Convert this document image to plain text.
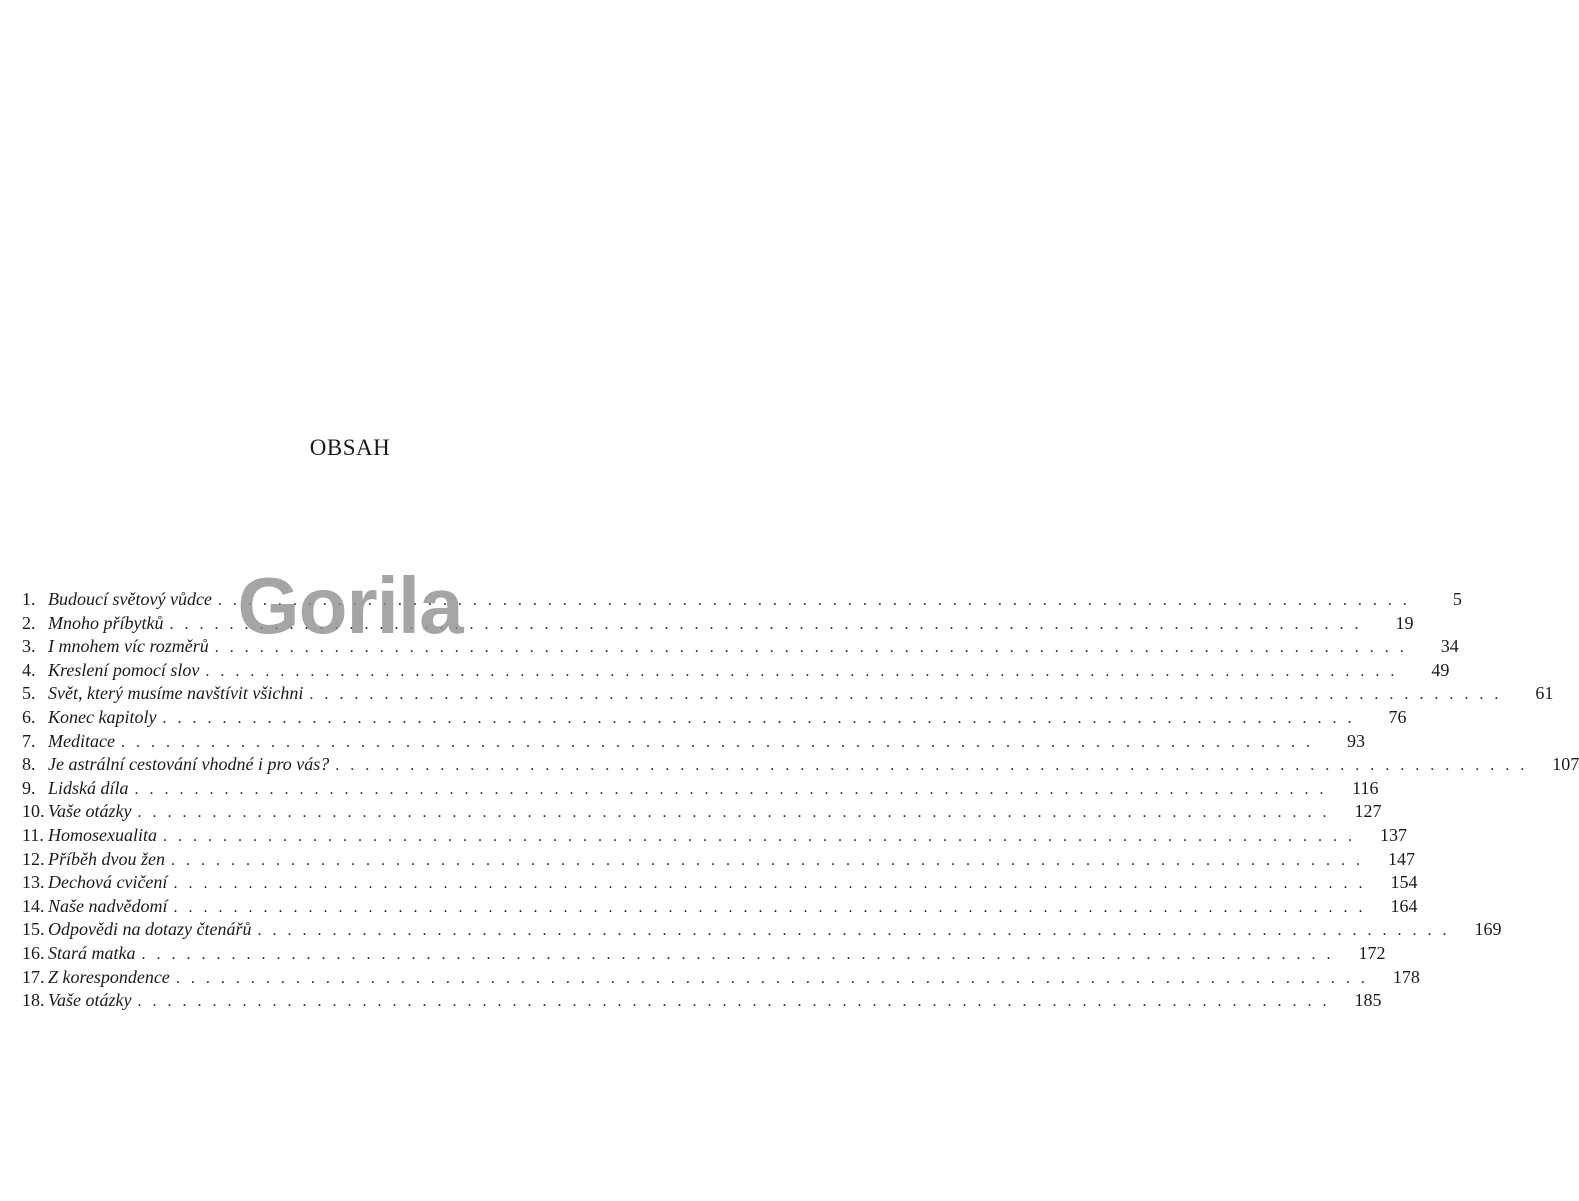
OBSAH
1. Budoucí světový vůdce ................................................................................	5
2. Mnoho příbytků ................................................................................	19
3. I mnohem víc rozměrů ................................................................................	34
4. Kreslení pomocí slov ................................................................................	49
5. Svět, který musíme navštívit všichni ................................................................................	61
6. Konec kapitoly ................................................................................	76
7. Meditace ................................................................................	93
8. Je astrální cestování vhodné i pro vás? ................................................................................ 107
9. Lidská díla ................................................................................ 116
10. Vaše otázky ................................................................................ 127
11. Homosexualita ................................................................................ 137
12. Příběh dvou žen ................................................................................ 147
13. Dechová cvičení ................................................................................ 154
14. Naše nadvědomí ................................................................................ 164
15. Odpovědi na dotazy čtenářů ................................................................................ 169
16. Stará matka ................................................................................ 172
17. Z korespondence ................................................................................ 178
18. Vaše otázky ................................................................................ 185
Gorila
